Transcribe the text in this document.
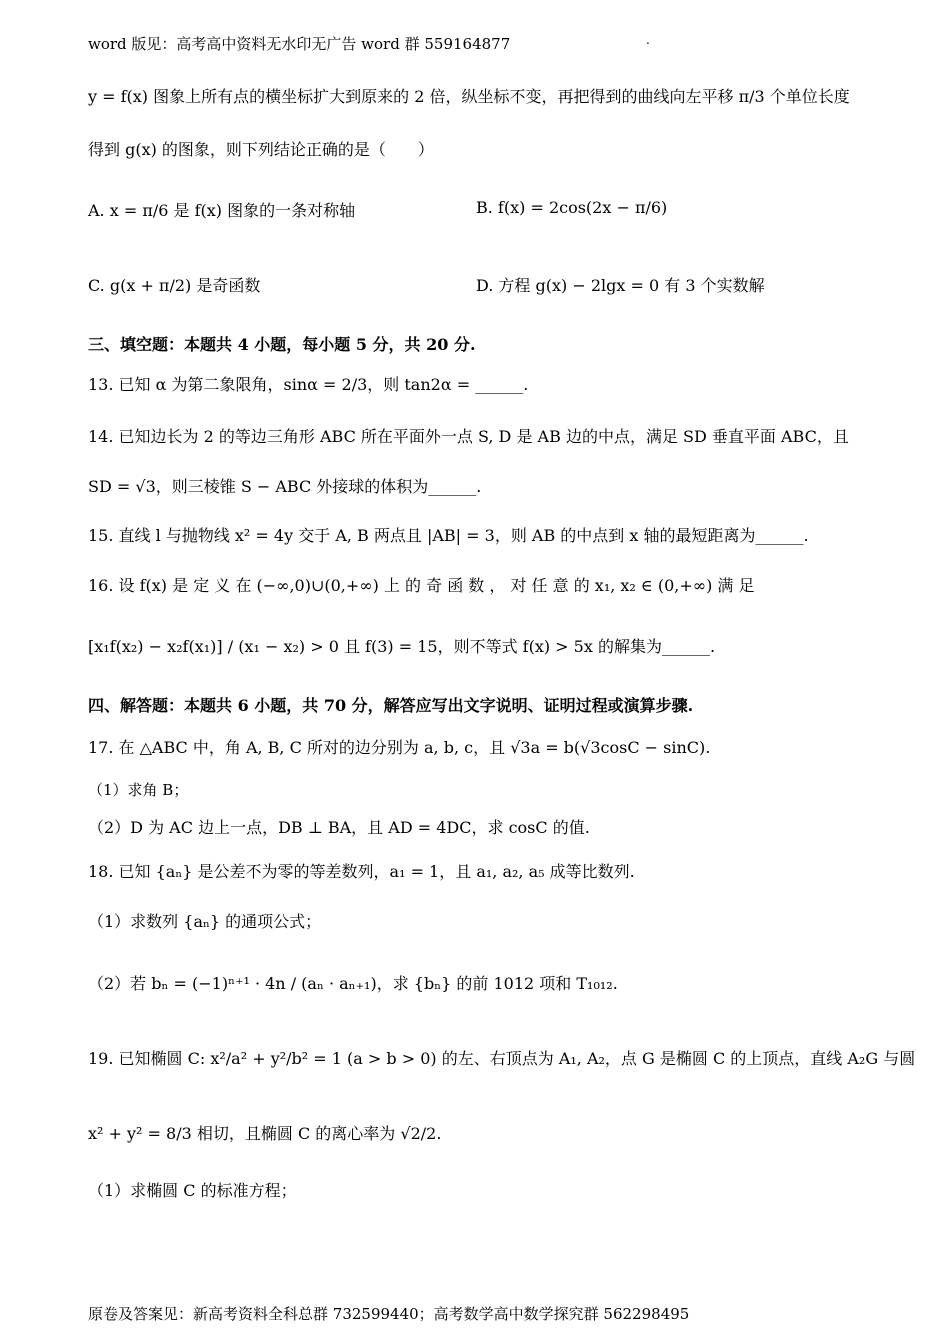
word 版见：高考高中资料无水印无广告 word 群 559164877	.
y = f(x) 图象上所有点的横坐标扩大到原来的 2 倍，纵坐标不变，再把得到的曲线向左平移 π/3 个单位长度
得到 g(x) 的图象，则下列结论正确的是（　　）
A. x = π/6 是 f(x) 图象的一条对称轴	B. f(x) = 2cos(2x − π/6)
C. g(x + π/2) 是奇函数	D. 方程 g(x) − 2lgx = 0 有 3 个实数解
三、填空题：本题共 4 小题，每小题 5 分，共 20 分.
13. 已知 α 为第二象限角，sinα = 2/3，则 tan2α = ______.
14. 已知边长为 2 的等边三角形 ABC 所在平面外一点 S, D 是 AB 边的中点，满足 SD 垂直平面 ABC，且
SD = √3，则三棱锥 S − ABC 外接球的体积为______.
15. 直线 l 与抛物线 x² = 4y 交于 A, B 两点且 |AB| = 3，则 AB 的中点到 x 轴的最短距离为______.
16. 设 f(x) 是 定 义 在 (−∞,0)∪(0,+∞) 上 的 奇 函 数 ， 对 任 意 的 x₁, x₂ ∈ (0,+∞) 满 足
[x₁f(x₂) − x₂f(x₁)] / (x₁ − x₂) > 0 且 f(3) = 15，则不等式 f(x) > 5x 的解集为______.
四、解答题：本题共 6 小题，共 70 分，解答应写出文字说明、证明过程或演算步骤.
17. 在 △ABC 中，角 A, B, C 所对的边分别为 a, b, c，且 √3a = b(√3cosC − sinC).
（1）求角 B；
（2）D 为 AC 边上一点，DB ⊥ BA，且 AD = 4DC，求 cosC 的值.
18. 已知 {aₙ} 是公差不为零的等差数列，a₁ = 1，且 a₁, a₂, a₅ 成等比数列.
（1）求数列 {aₙ} 的通项公式；
（2）若 bₙ = (−1)ⁿ⁺¹ · 4n / (aₙ · aₙ₊₁)，求 {bₙ} 的前 1012 项和 T₁₀₁₂.
19. 已知椭圆 C: x²/a² + y²/b² = 1 (a > b > 0) 的左、右顶点为 A₁, A₂，点 G 是椭圆 C 的上顶点，直线 A₂G 与圆
x² + y² = 8/3 相切，且椭圆 C 的离心率为 √2/2.
（1）求椭圆 C 的标准方程；
原卷及答案见：新高考资料全科总群 732599440；高考数学高中数学探究群 562298495
